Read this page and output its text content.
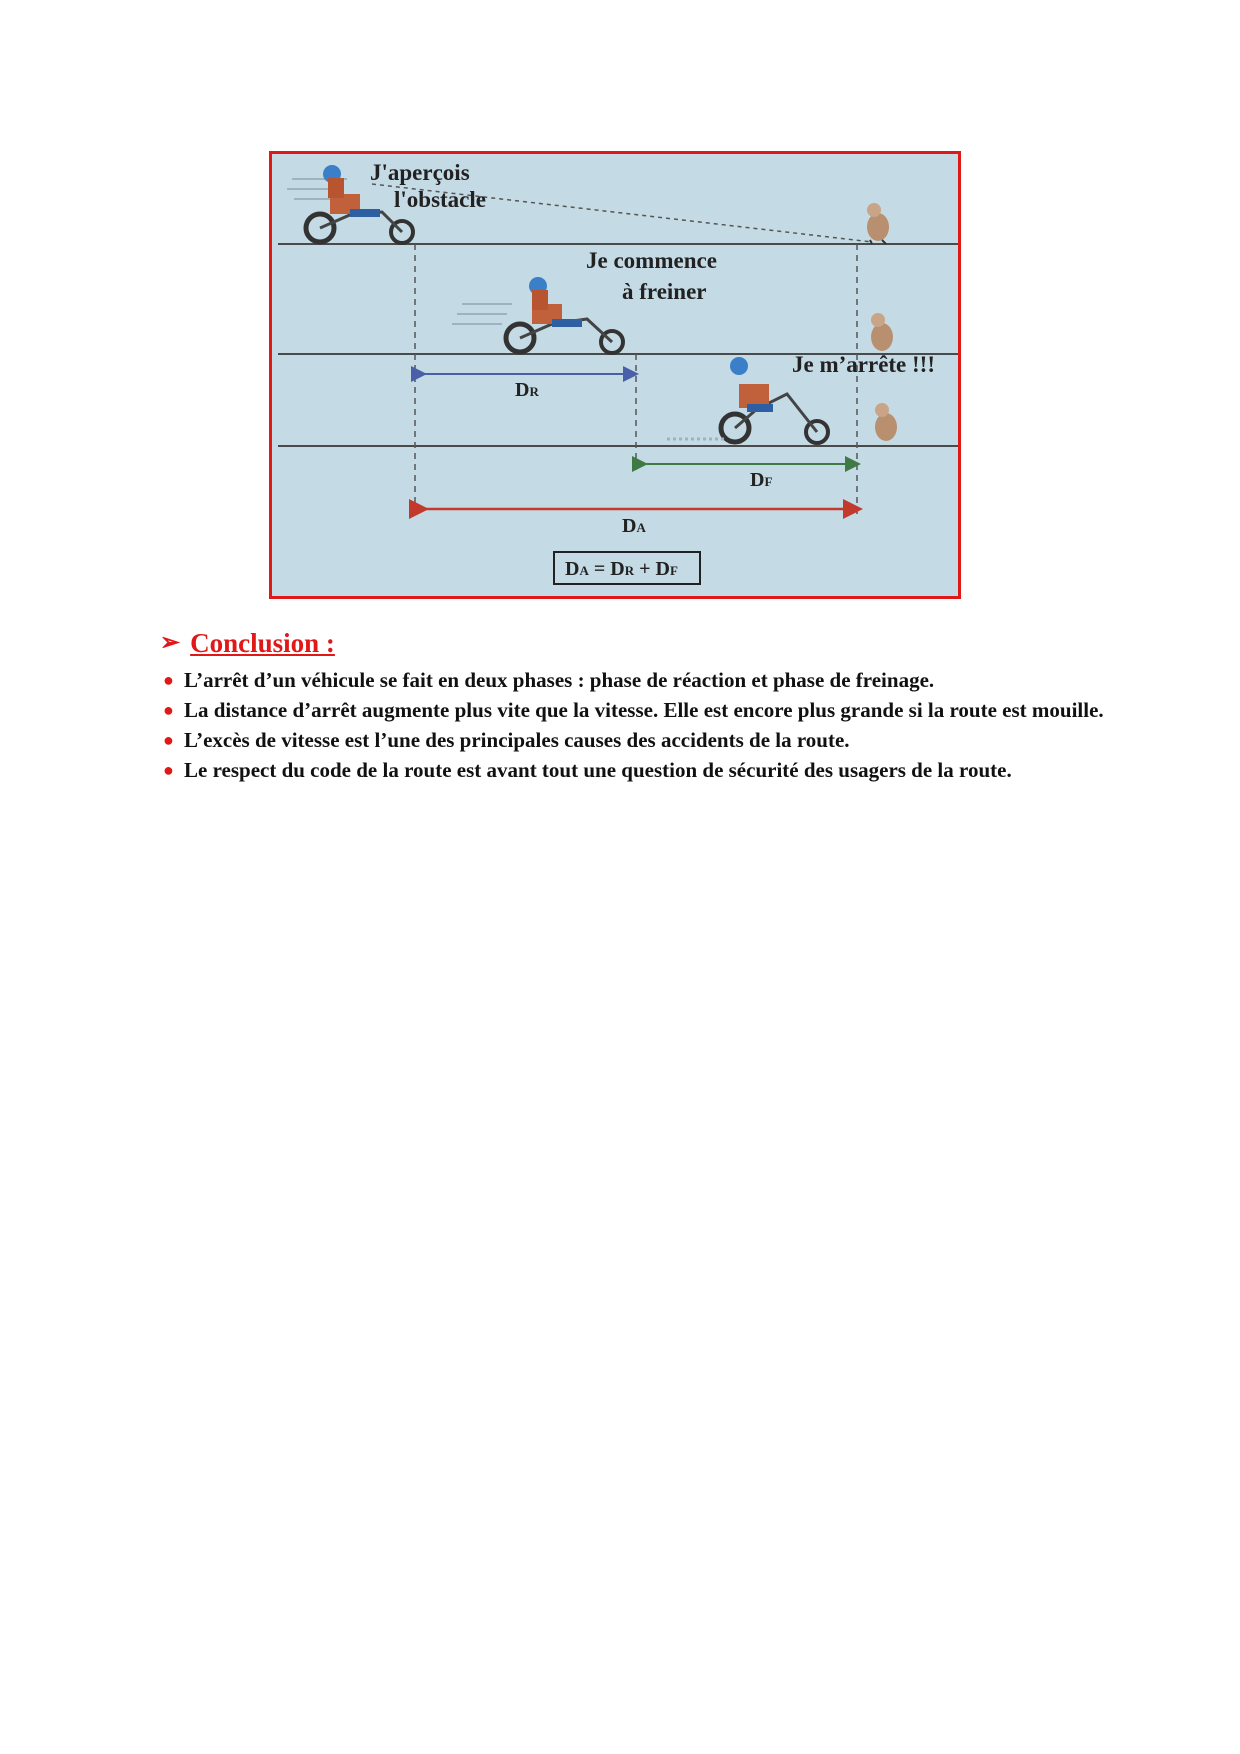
DR
DF
DA
DA = DR + DF
J'aperçois
l'obstacle
Je commence
à freiner
Je m’arrête !!!
➢ Conclusion :
● L’arrêt d’un véhicule se fait en deux phases : phase de réaction et phase de freinage.
● La distance d’arrêt augmente plus vite que la vitesse. Elle est encore plus grande si la route est mouille.
● L’excès de vitesse est l’une des principales causes des accidents de la route.
● Le respect du code de la route est avant tout une question de sécurité des usagers de la route.
